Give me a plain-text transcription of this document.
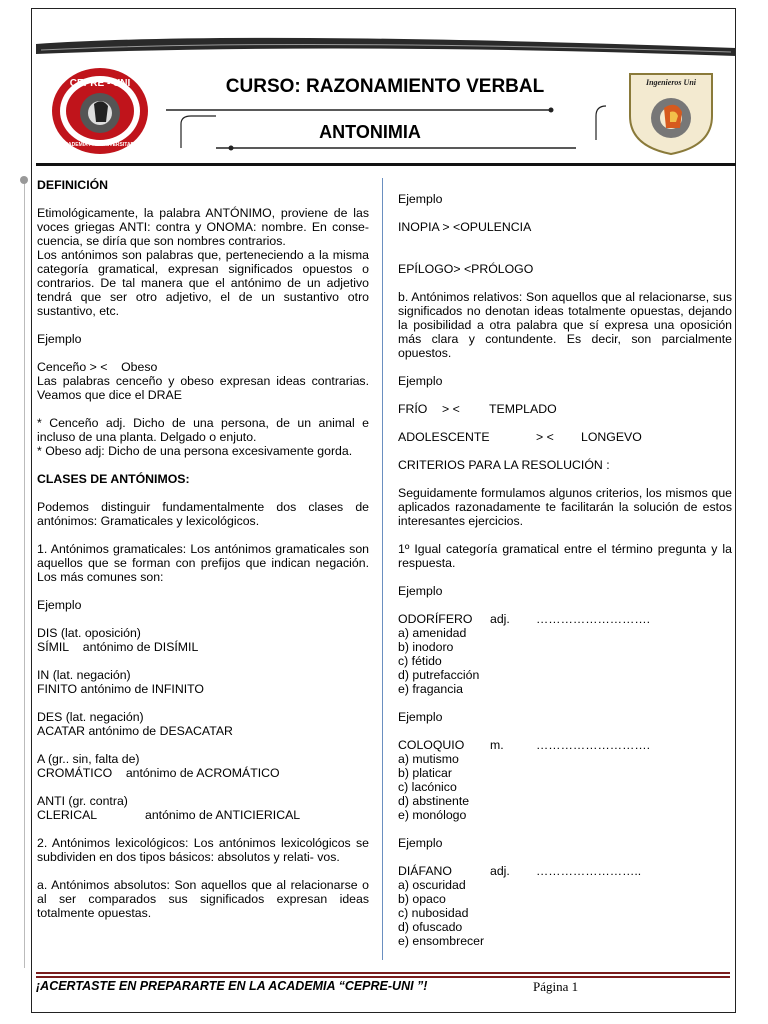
CEPRE - UNI
ACADEMIA PRE UNIVERSITARIA
Ingenieros Uni
CURSO: RAZONAMIENTO VERBAL
ANTONIMIA

DEFINICIÓN

Etimológicamente, la palabra ANTÓNIMO, proviene de las voces griegas ANTI: contra y ONOMA: nombre. En conse- cuencia, se diría que son nombres contrarios.

Los antónimos son palabras que, perteneciendo a la misma categoría gramatical, expresan significados opuestos o contrarios. De tal manera que el antónimo de un adjetivo tendrá que ser otro adjetivo, el de un sustantivo otro sustantivo, etc.

Ejemplo

Cenceño > <    Obeso

Las palabras cenceño y obeso expresan ideas contrarias. Veamos que dice el DRAE

* Cenceño adj. Dicho de una persona, de un animal e incluso de una planta. Delgado o enjuto.

* Obeso adj: Dicho de una persona excesivamente gorda.

CLASES DE ANTÓNIMOS:

Podemos distinguir fundamentalmente dos clases de antónimos: Gramaticales y lexicológicos.

1. Antónimos gramaticales: Los antónimos gramaticales son aquellos que se forman con prefijos que indican negación. Los más comunes son:

Ejemplo

DIS (lat. oposición)

SÍMIL antónimo de DISÍMIL

IN (lat. negación)

FINITO antónimo de INFINITO

DES (lat. negación)

ACATAR antónimo de DESACATAR

A (gr.. sin, falta de)

CROMÁTICO antónimo de ACROMÁTICO

ANTI (gr. contra)

CLERICAL	antónimo de ANTICIERICAL

2. Antónimos lexicológicos: Los antónimos lexicológicos se subdividen en dos tipos básicos: absolutos y relati- vos.

a. Antónimos absolutos: Son aquellos que al relacionarse o al ser comparados sus significados expresan ideas totalmente opuestas.

Ejemplo

INOPIA > <OPULENCIA

EPÍLOGO> <PRÓLOGO

b. Antónimos relativos: Son aquellos que al relacionarse, sus significados no denotan ideas totalmente opuestas, dejando la posibilidad a otra palabra que sí expresa una oposición más clara y contundente. Es decir, son parcialmente opuestos.

Ejemplo

FRÍO > < TEMPLADO

ADOLESCENTE	> < LONGEVO

CRITERIOS PARA LA RESOLUCIÓN :

Seguidamente formulamos algunos criterios, los mismos que aplicados razonadamente te facilitarán la solución de estos interesantes ejercicios.

1º Igual categoría gramatical entre el término pregunta y la respuesta.

Ejemplo

ODORÍFERO adj. ……………………….

a) amenidad

b) inodoro

c) fétido

d) putrefacción

e) fragancia

Ejemplo

COLOQUIO m.	……………………….

a) mutismo

b) platicar

c) lacónico

d) abstinente

e) monólogo

Ejemplo

DIÁFANO	adj. ……………………..

a) oscuridad

b) opaco

c) nubosidad

d) ofuscado

e) ensombrecer

¡ACERTASTE EN PREPARARTE EN LA ACADEMIA “CEPRE-UNI ”!	Página 1
